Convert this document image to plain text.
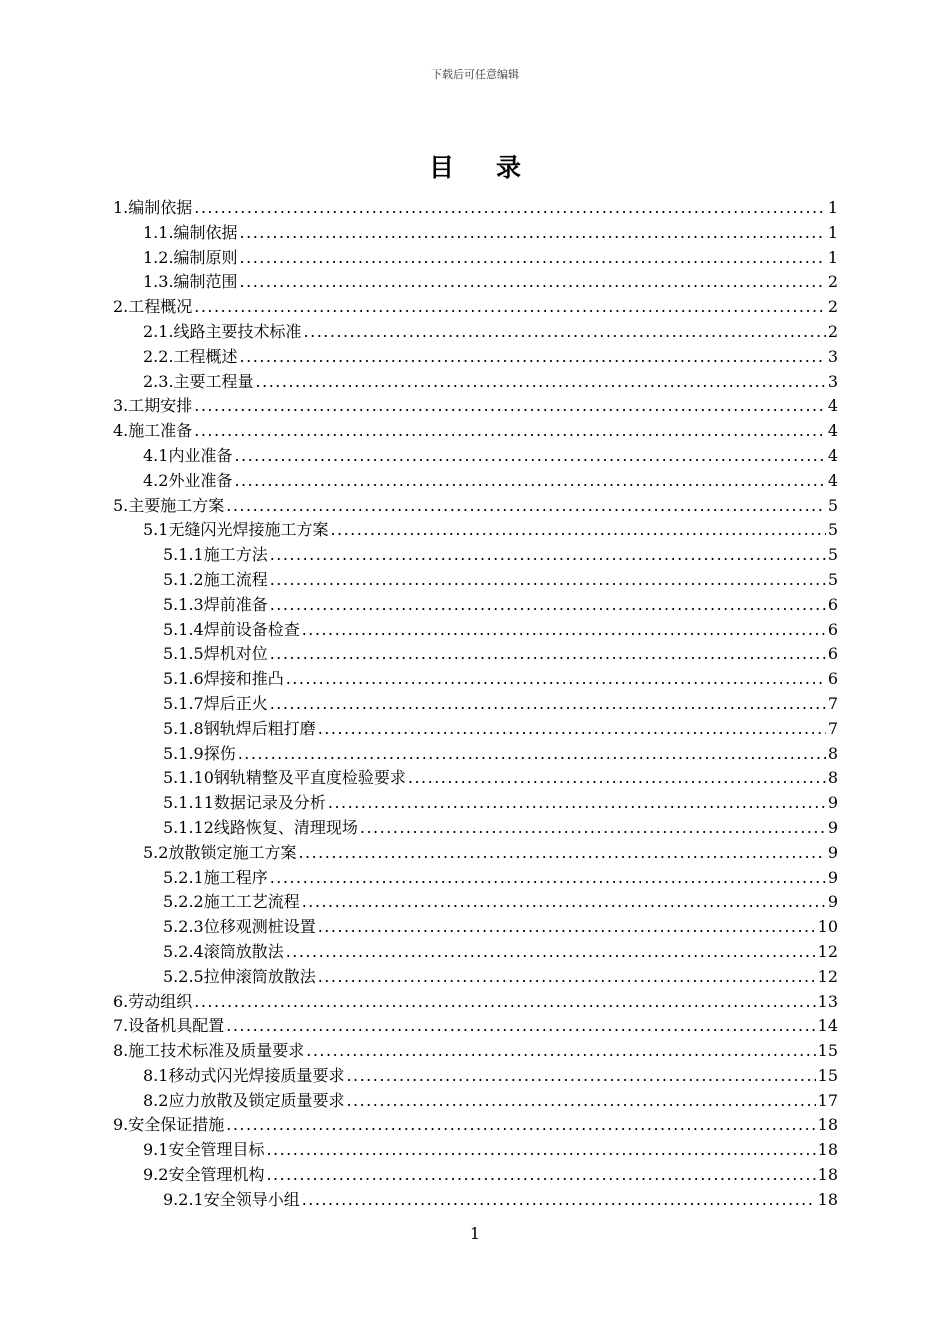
下载后可任意编辑
目录
1.编制依据 . . .	1
1.1.编制依据 . . .	1
1.2.编制原则 . . .	1
1.3.编制范围 . . .	2
2.工程概况 . . .	2
2.1.线路主要技术标准 . . .	2
2.2.工程概述 . . .	3
2.3.主要工程量 . . .	3
3.工期安排 . . .	4
4.施工准备 . . .	4
4.1内业准备 . . .	4
4.2外业准备 . . .	4
5.主要施工方案 . . .	5
5.1无缝闪光焊接施工方案 . . .	5
5.1.1施工方法 . . .	5
5.1.2施工流程 . . .	5
5.1.3焊前准备 . . .	6
5.1.4焊前设备检查 . . .	6
5.1.5焊机对位 . . .	6
5.1.6焊接和推凸 . . .	6
5.1.7焊后正火 . . .	7
5.1.8钢轨焊后粗打磨 . . .	7
5.1.9探伤 . . .	8
5.1.10钢轨精整及平直度检验要求 . . .	8
5.1.11数据记录及分析 . . .	9
5.1.12线路恢复、清理现场 . . .	9
5.2放散锁定施工方案 . . .	9
5.2.1施工程序 . . .	9
5.2.2施工工艺流程 . . .	9
5.2.3位移观测桩设置 . . .	10
5.2.4滚筒放散法 . . .	12
5.2.5拉伸滚筒放散法 . . .	12
6.劳动组织 . . .	13
7.设备机具配置 . . .	14
8.施工技术标准及质量要求 . . .	15
8.1移动式闪光焊接质量要求 . . .	15
8.2应力放散及锁定质量要求 . . .	17
9.安全保证措施 . . .	18
9.1安全管理目标 . . .	18
9.2安全管理机构 . . .	18
9.2.1安全领导小组 . . .	18
1
